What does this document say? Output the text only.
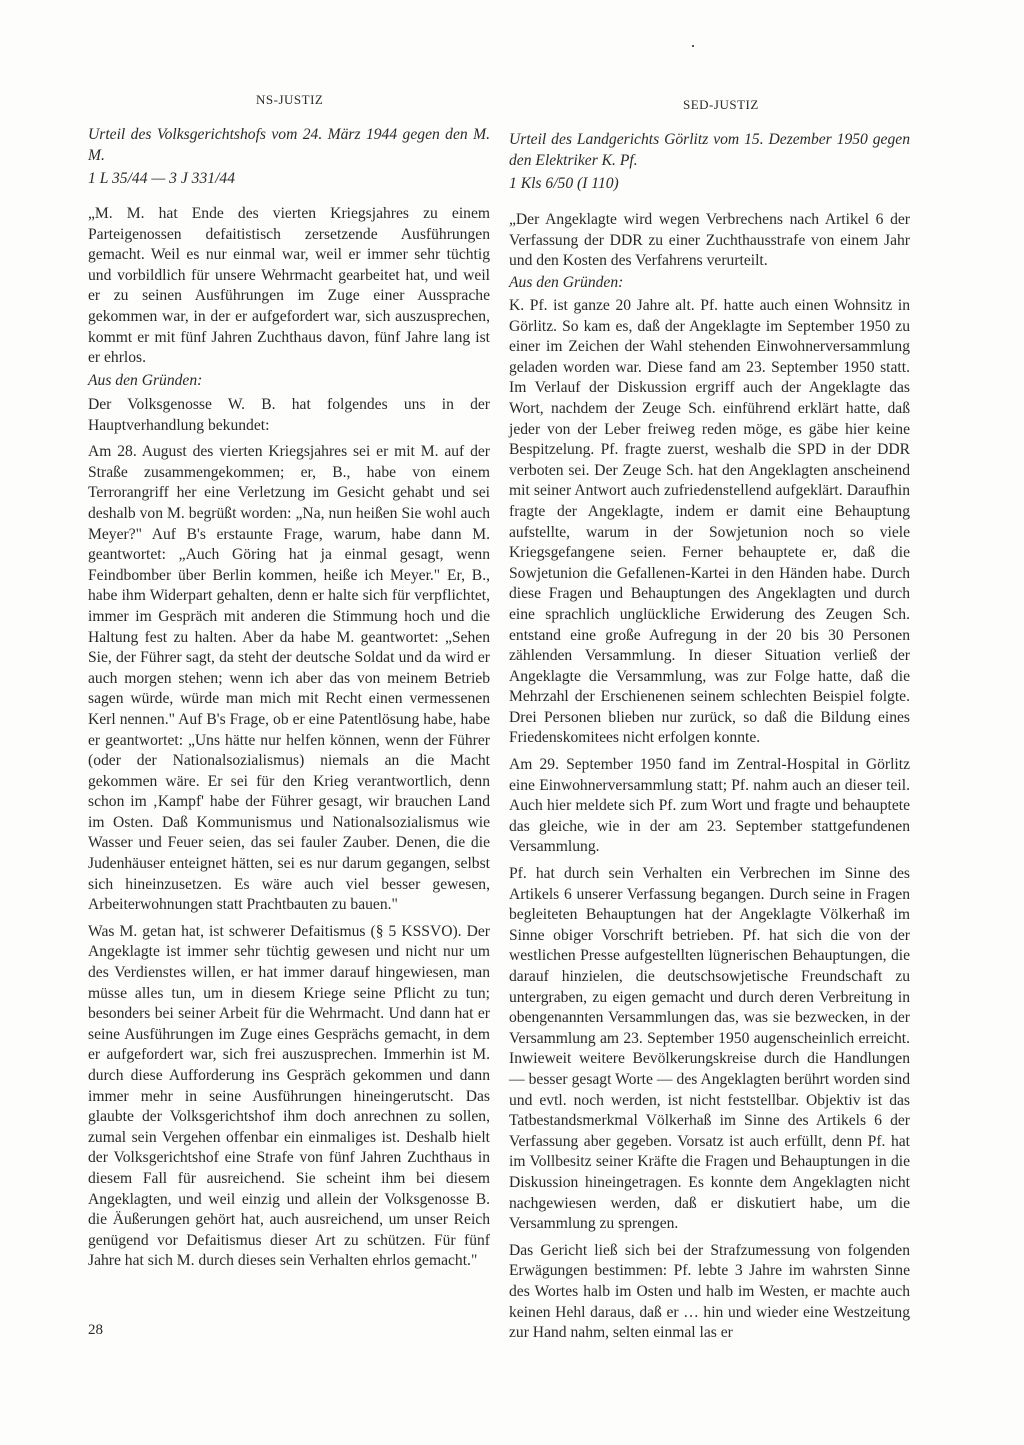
NS-JUSTIZ
Urteil des Volksgerichtshofs vom 24. März 1944 gegen den M. M.
1 L 35/44 — 3 J 331/44
„M. M. hat Ende des vierten Kriegsjahres zu einem Parteigenossen defaitistisch zersetzende Ausführungen gemacht. Weil es nur einmal war, weil er immer sehr tüchtig und vorbildlich für unsere Wehrmacht gearbeitet hat, und weil er zu seinen Ausführungen im Zuge einer Aussprache gekommen war, in der er aufgefordert war, sich auszusprechen, kommt er mit fünf Jahren Zuchthaus davon, fünf Jahre lang ist er ehrlos.
Aus den Gründen:

Der Volksgenosse W. B. hat folgendes uns in der Hauptverhandlung bekundet:

Am 28. August des vierten Kriegsjahres sei er mit M. auf der Straße zusammengekommen; er, B., habe von einem Terrorangriff her eine Verletzung im Gesicht gehabt und sei deshalb von M. begrüßt worden: „Na, nun heißen Sie wohl auch Meyer?" Auf B's erstaunte Frage, warum, habe dann M. geantwortet: „Auch Göring hat ja einmal gesagt, wenn Feindbomber über Berlin kommen, heiße ich Meyer." Er, B., habe ihm Widerpart gehalten, denn er halte sich für verpflichtet, immer im Gespräch mit anderen die Stimmung hoch und die Haltung fest zu halten. Aber da habe M. geantwortet: „Sehen Sie, der Führer sagt, da steht der deutsche Soldat und da wird er auch morgen stehen; wenn ich aber das von meinem Betrieb sagen würde, würde man mich mit Recht einen vermessenen Kerl nennen." Auf B's Frage, ob er eine Patentlösung habe, habe er geantwortet: „Uns hätte nur helfen können, wenn der Führer (oder der Nationalsozialismus) niemals an die Macht gekommen wäre. Er sei für den Krieg verantwortlich, denn schon im ‚Kampf' habe der Führer gesagt, wir brauchen Land im Osten. Daß Kommunismus und Nationalsozialismus wie Wasser und Feuer seien, das sei fauler Zauber. Denen, die die Judenhäuser enteignet hätten, sei es nur darum gegangen, selbst sich hineinzusetzen. Es wäre auch viel besser gewesen, Arbeiterwohnungen statt Prachtbauten zu bauen."

Was M. getan hat, ist schwerer Defaitismus (§ 5 KSSVO). Der Angeklagte ist immer sehr tüchtig gewesen und nicht nur um des Verdienstes willen, er hat immer darauf hingewiesen, man müsse alles tun, um in diesem Kriege seine Pflicht zu tun; besonders bei seiner Arbeit für die Wehrmacht. Und dann hat er seine Ausführungen im Zuge eines Gesprächs gemacht, in dem er aufgefordert war, sich frei auszusprechen. Immerhin ist M. durch diese Aufforderung ins Gespräch gekommen und dann immer mehr in seine Ausführungen hineingerutscht. Das glaubte der Volksgerichtshof ihm doch anrechnen zu sollen, zumal sein Vergehen offenbar ein einmaliges ist. Deshalb hielt der Volksgerichtshof eine Strafe von fünf Jahren Zuchthaus in diesem Fall für ausreichend. Sie scheint ihm bei diesem Angeklagten, und weil einzig und allein der Volksgenosse B. die Äußerungen gehört hat, auch ausreichend, um unser Reich genügend vor Defaitismus dieser Art zu schützen. Für fünf Jahre hat sich M. durch dieses sein Verhalten ehrlos gemacht."

SED-JUSTIZ
Urteil des Landgerichts Görlitz vom 15. Dezember 1950 gegen den Elektriker K. Pf.
1 Kls 6/50 (I 110)
„Der Angeklagte wird wegen Verbrechens nach Artikel 6 der Verfassung der DDR zu einer Zuchthausstrafe von einem Jahr und den Kosten des Verfahrens verurteilt.
Aus den Gründen:

K. Pf. ist ganze 20 Jahre alt. Pf. hatte auch einen Wohnsitz in Görlitz. So kam es, daß der Angeklagte im September 1950 zu einer im Zeichen der Wahl stehenden Einwohnerversammlung geladen worden war. Diese fand am 23. September 1950 statt. Im Verlauf der Diskussion ergriff auch der Angeklagte das Wort, nachdem der Zeuge Sch. einführend erklärt hatte, daß jeder von der Leber freiweg reden möge, es gäbe hier keine Bespitzelung. Pf. fragte zuerst, weshalb die SPD in der DDR verboten sei. Der Zeuge Sch. hat den Angeklagten anscheinend mit seiner Antwort auch zufriedenstellend aufgeklärt. Daraufhin fragte der Angeklagte, indem er damit eine Behauptung aufstellte, warum in der Sowjetunion noch so viele Kriegsgefangene seien. Ferner behauptete er, daß die Sowjetunion die Gefallenen-Kartei in den Händen habe. Durch diese Fragen und Behauptungen des Angeklagten und durch eine sprachlich unglückliche Erwiderung des Zeugen Sch. entstand eine große Aufregung in der 20 bis 30 Personen zählenden Versammlung. In dieser Situation verließ der Angeklagte die Versammlung, was zur Folge hatte, daß die Mehrzahl der Erschienenen seinem schlechten Beispiel folgte. Drei Personen blieben nur zurück, so daß die Bildung eines Friedenskomitees nicht erfolgen konnte.

Am 29. September 1950 fand im Zentral-Hospital in Görlitz eine Einwohnerversammlung statt; Pf. nahm auch an dieser teil. Auch hier meldete sich Pf. zum Wort und fragte und behauptete das gleiche, wie in der am 23. September stattgefundenen Versammlung.

Pf. hat durch sein Verhalten ein Verbrechen im Sinne des Artikels 6 unserer Verfassung begangen. Durch seine in Fragen begleiteten Behauptungen hat der Angeklagte Völkerhaß im Sinne obiger Vorschrift betrieben. Pf. hat sich die von der westlichen Presse aufgestellten lügnerischen Behauptungen, die darauf hinzielen, die deutschsowjetische Freundschaft zu untergraben, zu eigen gemacht und durch deren Verbreitung in obengenannten Versammlungen das, was sie bezwecken, in der Versammlung am 23. September 1950 augenscheinlich erreicht. Inwieweit weitere Bevölkerungskreise durch die Handlungen — besser gesagt Worte — des Angeklagten berührt worden sind und evtl. noch werden, ist nicht feststellbar. Objektiv ist das Tatbestandsmerkmal Völkerhaß im Sinne des Artikels 6 der Verfassung aber gegeben. Vorsatz ist auch erfüllt, denn Pf. hat im Vollbesitz seiner Kräfte die Fragen und Behauptungen in die Diskussion hineingetragen. Es konnte dem Angeklagten nicht nachgewiesen werden, daß er diskutiert habe, um die Versammlung zu sprengen.

Das Gericht ließ sich bei der Strafzumessung von folgenden Erwägungen bestimmen: Pf. lebte 3 Jahre im wahrsten Sinne des Wortes halb im Osten und halb im Westen, er machte auch keinen Hehl daraus, daß er … hin und wieder eine Westzeitung zur Hand nahm, selten einmal las er

28
